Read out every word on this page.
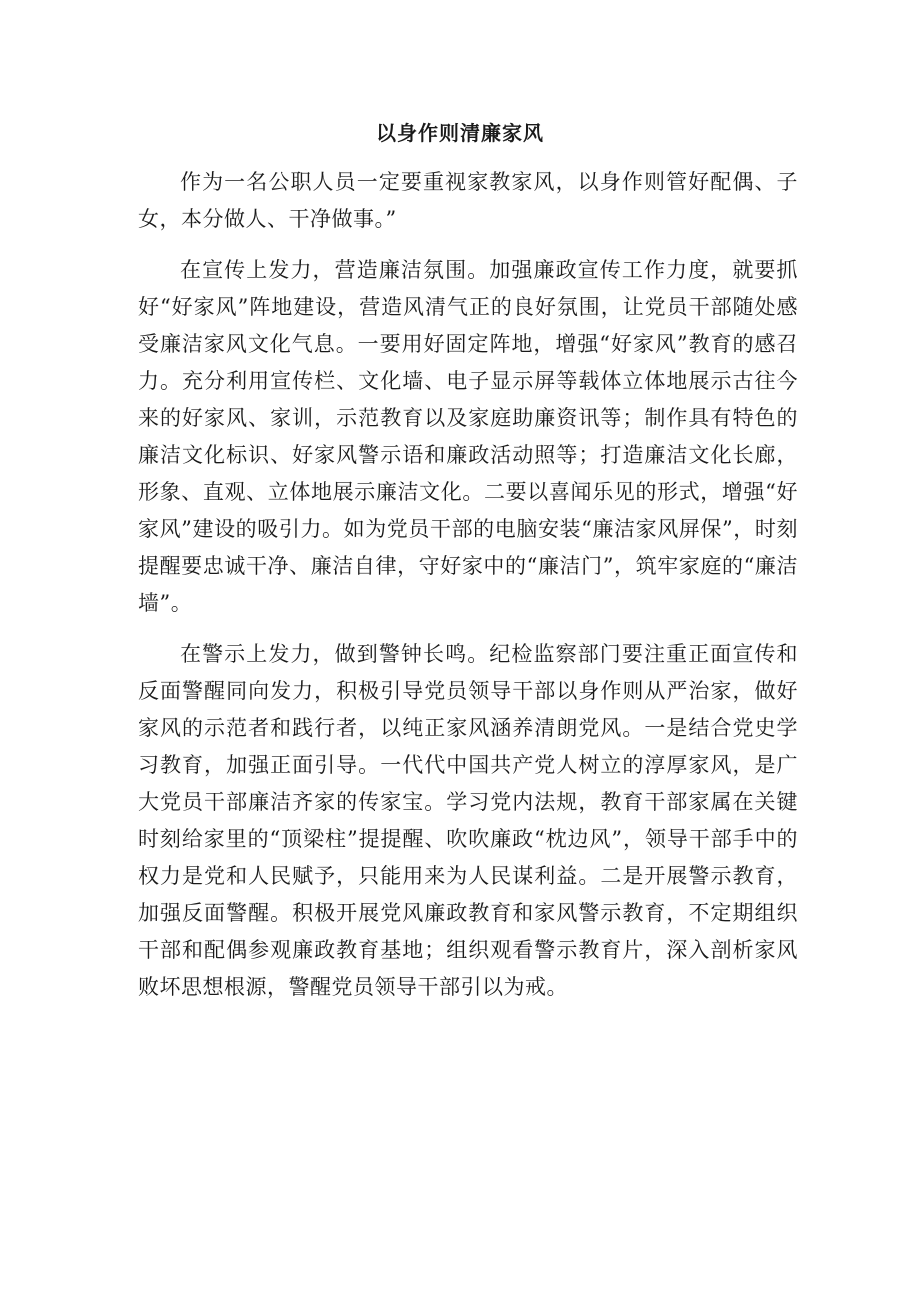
以身作则清廉家风

作为一名公职人员一定要重视家教家风，以身作则管好配偶、子女，本分做人、干净做事。”

在宣传上发力，营造廉洁氛围。加强廉政宣传工作力度，就要抓好“好家风”阵地建设，营造风清气正的良好氛围，让党员干部随处感受廉洁家风文化气息。一要用好固定阵地，增强“好家风”教育的感召力。充分利用宣传栏、文化墙、电子显示屏等载体立体地展示古往今来的好家风、家训，示范教育以及家庭助廉资讯等；制作具有特色的廉洁文化标识、好家风警示语和廉政活动照等；打造廉洁文化长廊，形象、直观、立体地展示廉洁文化。二要以喜闻乐见的形式，增强“好家风”建设的吸引力。如为党员干部的电脑安装“廉洁家风屏保”，时刻提醒要忠诚干净、廉洁自律，守好家中的“廉洁门”，筑牢家庭的“廉洁墙”。

在警示上发力，做到警钟长鸣。纪检监察部门要注重正面宣传和反面警醒同向发力，积极引导党员领导干部以身作则从严治家，做好家风的示范者和践行者，以纯正家风涵养清朗党风。一是结合党史学习教育，加强正面引导。一代代中国共产党人树立的淳厚家风，是广大党员干部廉洁齐家的传家宝。学习党内法规，教育干部家属在关键时刻给家里的“顶梁柱”提提醒、吹吹廉政“枕边风”，领导干部手中的权力是党和人民赋予，只能用来为人民谋利益。二是开展警示教育，加强反面警醒。积极开展党风廉政教育和家风警示教育，不定期组织干部和配偶参观廉政教育基地；组织观看警示教育片，深入剖析家风败坏思想根源，警醒党员领导干部引以为戒。
